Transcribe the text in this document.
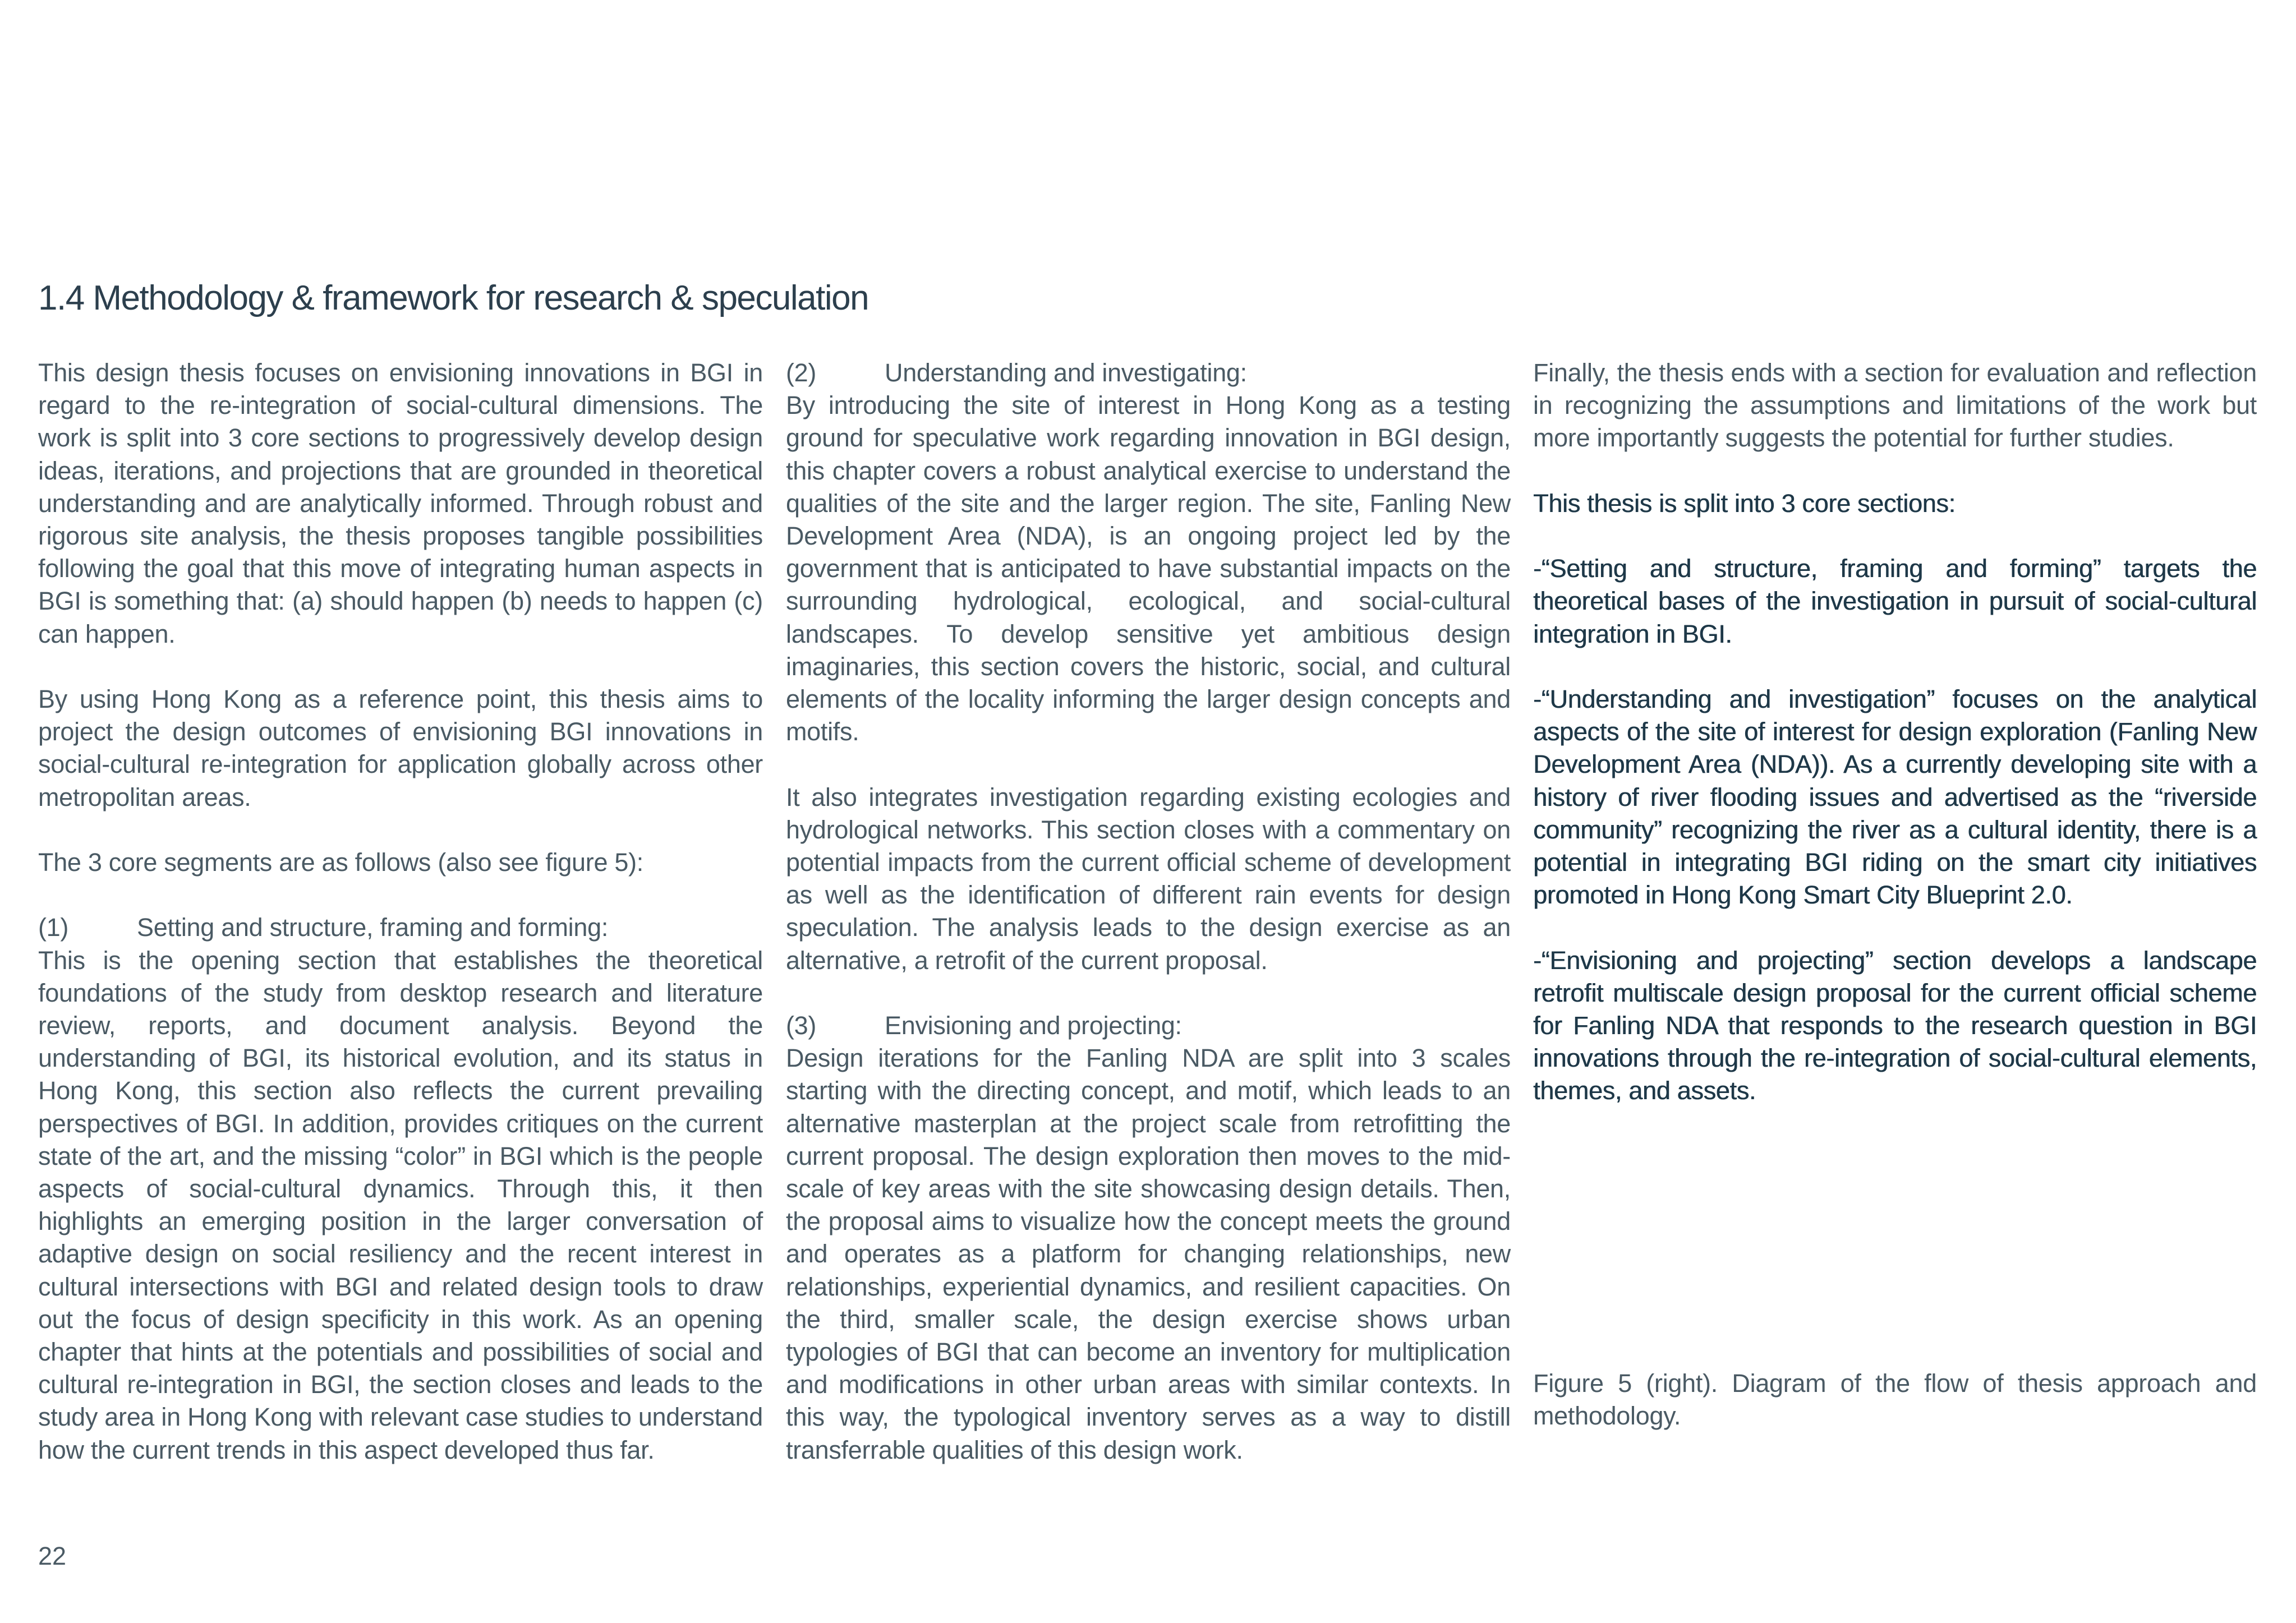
1.4 Methodology & framework for research & speculation

This design thesis focuses on envisioning innovations in BGI in regard to the re-integration of social-cultural dimensions. The work is split into 3 core sections to progressively develop design ideas, iterations, and projections that are grounded in theoretical understanding and are analytically informed. Through robust and rigorous site analysis, the thesis proposes tangible possibilities following the goal that this move of integrating human aspects in BGI is something that: (a) should happen (b) needs to happen (c) can happen.

By using Hong Kong as a reference point, this thesis aims to project the design outcomes of envisioning BGI innovations in social-cultural re-integration for application globally across other metropolitan areas.

The 3 core segments are as follows (also see figure 5):

(1)	Setting and structure, framing and forming:

This is the opening section that establishes the theoretical foundations of the study from desktop research and literature review, reports, and document analysis. Beyond the understanding of BGI, its historical evolution, and its status in Hong Kong, this section also reflects the current prevailing perspectives of BGI. In addition, provides critiques on the current state of the art, and the missing “color” in BGI which is the people aspects of social-cultural dynamics. Through this, it then highlights an emerging position in the larger conversation of adaptive design on social resiliency and the recent interest in cultural intersections with BGI and related design tools to draw out the focus of design specificity in this work. As an opening chapter that hints at the potentials and possibilities of social and cultural re-integration in BGI, the section closes and leads to the study area in Hong Kong with relevant case studies to understand how the current trends in this aspect developed thus far.

(2)	Understanding and investigating:

By introducing the site of interest in Hong Kong as a testing ground for speculative work regarding innovation in BGI design, this chapter covers a robust analytical exercise to understand the qualities of the site and the larger region. The site, Fanling New Development Area (NDA), is an ongoing project led by the government that is anticipated to have substantial impacts on the surrounding hydrological, ecological, and social-cultural landscapes. To develop sensitive yet ambitious design imaginaries, this section covers the historic, social, and cultural elements of the locality informing the larger design concepts and motifs.

It also integrates investigation regarding existing ecologies and hydrological networks. This section closes with a commentary on potential impacts from the current official scheme of development as well as the identification of different rain events for design speculation. The analysis leads to the design exercise as an alternative, a retrofit of the current proposal.

(3)	Envisioning and projecting:

Design iterations for the Fanling NDA are split into 3 scales starting with the directing concept, and motif, which leads to an alternative masterplan at the project scale from retrofitting the current proposal. The design exploration then moves to the mid-scale of key areas with the site showcasing design details. Then, the proposal aims to visualize how the concept meets the ground and operates as a platform for changing relationships, new relationships, experiential dynamics, and resilient capacities. On the third, smaller scale, the design exercise shows urban typologies of BGI that can become an inventory for multiplication and modifications in other urban areas with similar contexts. In this way, the typological inventory serves as a way to distill transferrable qualities of this design work.

Finally, the thesis ends with a section for evaluation and reflection in recognizing the assumptions and limitations of the work but more importantly suggests the potential for further studies.

This thesis is split into 3 core sections:

-“Setting and structure, framing and forming” targets the theoretical bases of the investigation in pursuit of social-cultural integration in BGI.

-“Understanding and investigation” focuses on the analytical aspects of the site of interest for design exploration (Fanling New Development Area (NDA)). As a currently developing site with a history of river flooding issues and advertised as the “riverside community” recognizing the river as a cultural identity, there is a potential in integrating BGI riding on the smart city initiatives promoted in Hong Kong Smart City Blueprint 2.0.

-“Envisioning and projecting” section develops a landscape retrofit multiscale design proposal for the current official scheme for Fanling NDA that responds to the research question in BGI innovations through the re-integration of social-cultural elements, themes, and assets.

Figure 5 (right). Diagram of the flow of thesis approach and methodology.

22
